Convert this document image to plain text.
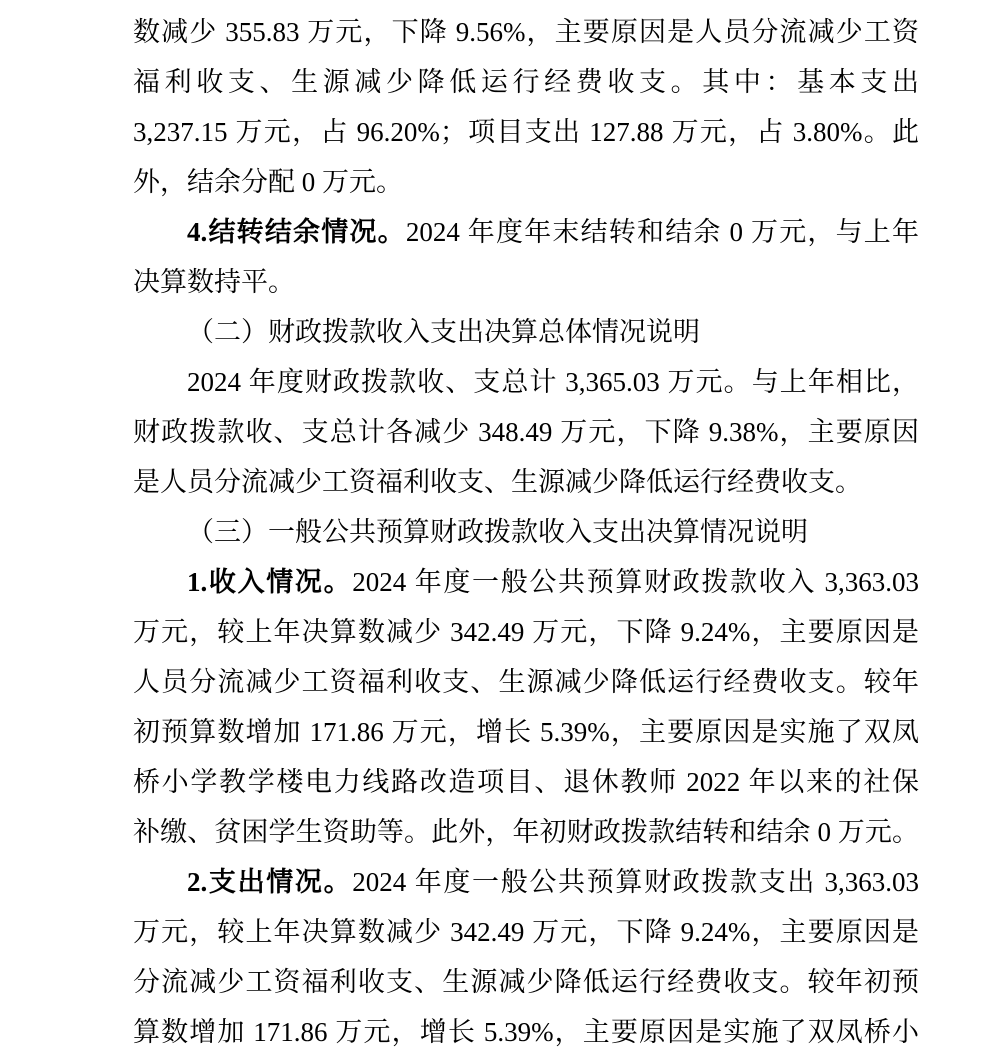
数减少 355.83 万元，下降 9.56%，主要原因是人员分流减少工资
福利收支、生源减少降低运行经费收支。其中：基本支出
3,237.15 万元，占 96.20%；项目支出 127.88 万元，占 3.80%。此
外，结余分配 0 万元。
4.结转结余情况。2024 年度年末结转和结余 0 万元，与上年
决算数持平。
（二）财政拨款收入支出决算总体情况说明
2024 年度财政拨款收、支总计 3,365.03 万元。与上年相比，
财政拨款收、支总计各减少 348.49 万元，下降 9.38%，主要原因
是人员分流减少工资福利收支、生源减少降低运行经费收支。
（三）一般公共预算财政拨款收入支出决算情况说明
1.收入情况。2024 年度一般公共预算财政拨款收入 3,363.03
万元，较上年决算数减少 342.49 万元，下降 9.24%，主要原因是
人员分流减少工资福利收支、生源减少降低运行经费收支。较年
初预算数增加 171.86 万元，增长 5.39%，主要原因是实施了双凤
桥小学教学楼电力线路改造项目、退休教师 2022 年以来的社保
补缴、贫困学生资助等。此外，年初财政拨款结转和结余 0 万元。
2.支出情况。2024 年度一般公共预算财政拨款支出 3,363.03
万元，较上年决算数减少 342.49 万元，下降 9.24%，主要原因是
分流减少工资福利收支、生源减少降低运行经费收支。较年初预
算数增加 171.86 万元，增长 5.39%，主要原因是实施了双凤桥小
